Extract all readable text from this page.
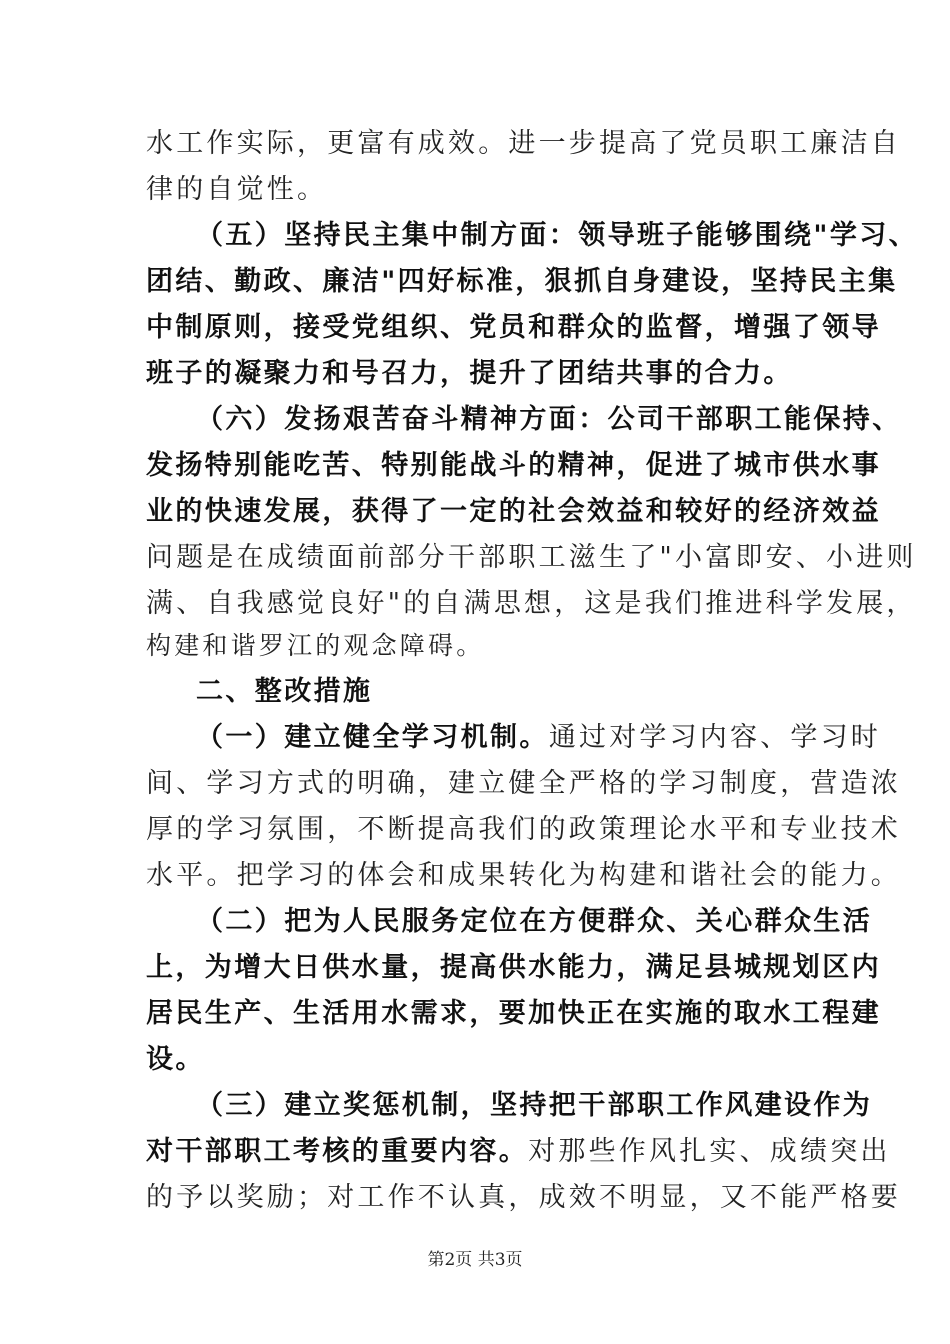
水工作实际，更富有成效。进一步提高了党员职工廉洁自
律的自觉性。
（五）坚持民主集中制方面：领导班子能够围绕"学习、
团结、勤政、廉洁"四好标准，狠抓自身建设，坚持民主集
中制原则，接受党组织、党员和群众的监督，增强了领导
班子的凝聚力和号召力，提升了团结共事的合力。
（六）发扬艰苦奋斗精神方面：公司干部职工能保持、
发扬特别能吃苦、特别能战斗的精神，促进了城市供水事
业的快速发展，获得了一定的社会效益和较好的经济效益
问题是在成绩面前部分干部职工滋生了"小富即安、小进则
满、自我感觉良好"的自满思想，这是我们推进科学发展，
构建和谐罗江的观念障碍。
二、整改措施
（一）建立健全学习机制。通过对学习内容、学习时
间、学习方式的明确，建立健全严格的学习制度，营造浓
厚的学习氛围，不断提高我们的政策理论水平和专业技术
水平。把学习的体会和成果转化为构建和谐社会的能力。
（二）把为人民服务定位在方便群众、关心群众生活
上，为增大日供水量，提高供水能力，满足县城规划区内
居民生产、生活用水需求，要加快正在实施的取水工程建
设。
（三）建立奖惩机制，坚持把干部职工作风建设作为
对干部职工考核的重要内容。对那些作风扎实、成绩突出
的予以奖励；对工作不认真，成效不明显，又不能严格要
第2页 共3页
